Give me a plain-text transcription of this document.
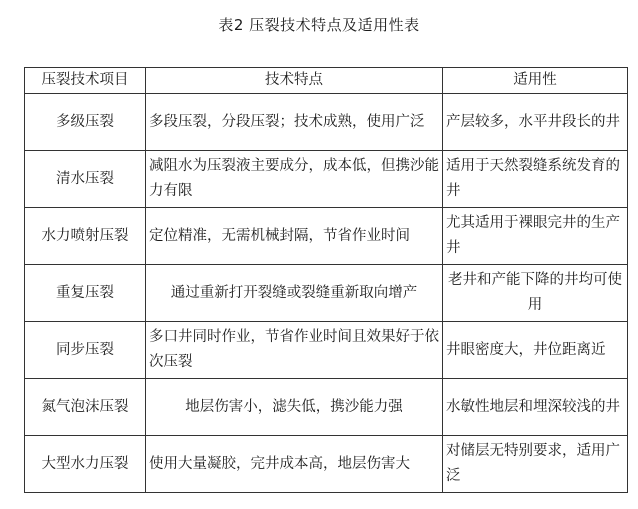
表2 压裂技术特点及适用性表
压裂技术项目	技术特点	适用性
多级压裂	多段压裂，分段压裂；技术成熟，使用广泛	产层较多，水平井段长的井
清水压裂	减阻水为压裂液主要成分，成本低，但携沙能力有限	适用于天然裂缝系统发育的井
水力喷射压裂	定位精准，无需机械封隔，节省作业时间	尤其适用于裸眼完井的生产井
重复压裂	通过重新打开裂缝或裂缝重新取向增产	老井和产能下降的井均可使用
同步压裂	多口井同时作业，节省作业时间且效果好于依次压裂	井眼密度大，井位距离近
氮气泡沫压裂	地层伤害小，滤失低，携沙能力强	水敏性地层和埋深较浅的井
大型水力压裂	使用大量凝胶，完井成本高，地层伤害大	对储层无特别要求，适用广泛
